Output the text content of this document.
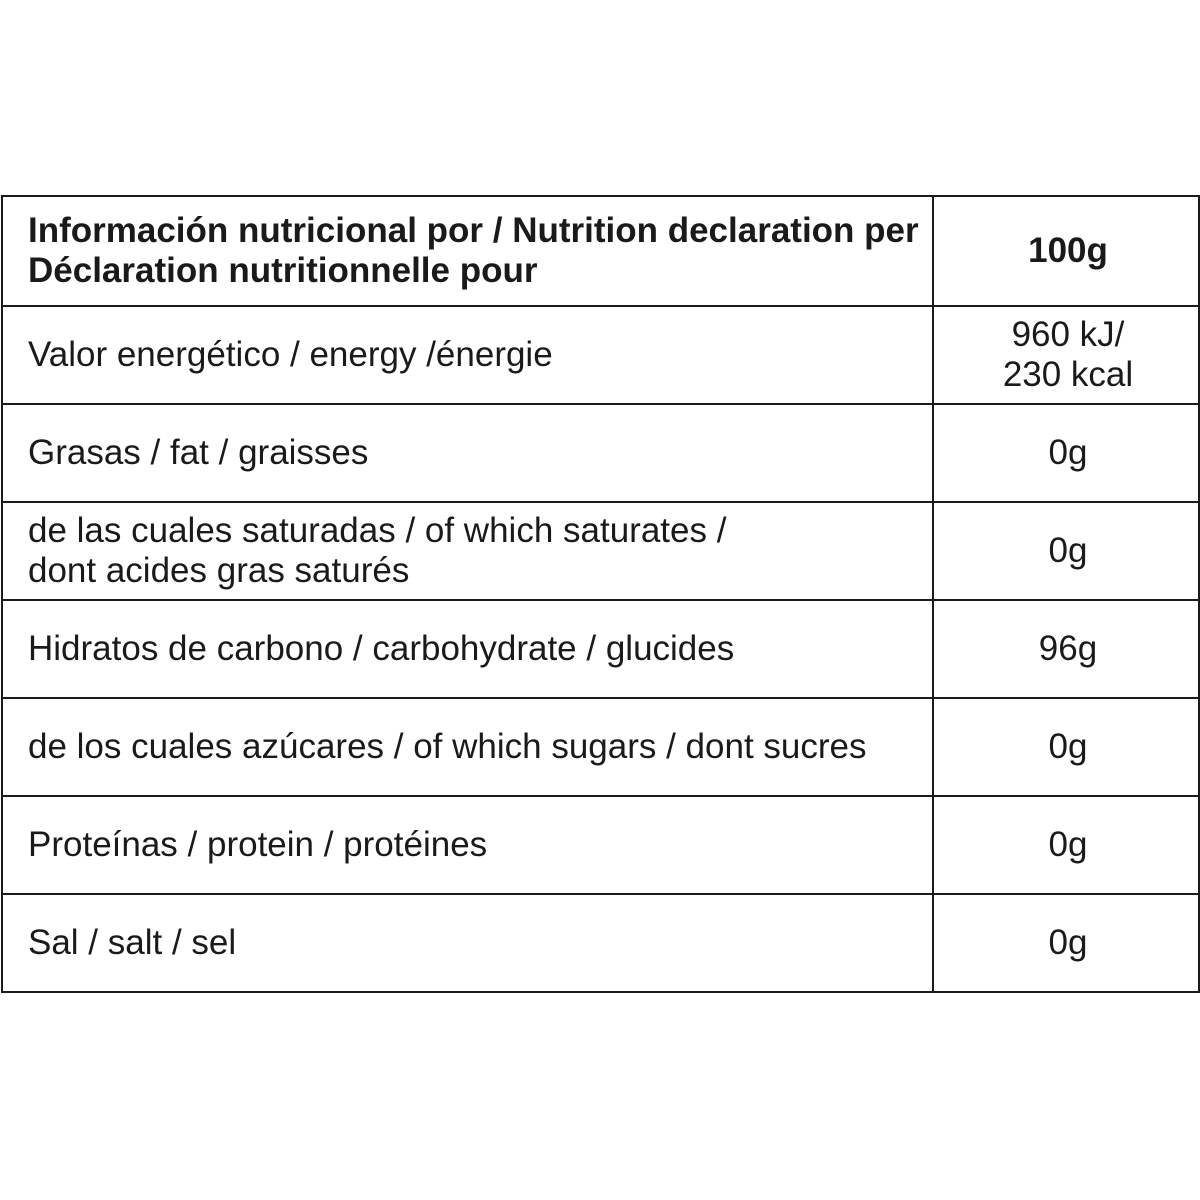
Información nutricional por / Nutrition declaration per
Déclaration nutritionnelle pour	100g

Valor energético / energy /énergie	960 kJ/
230 kcal

Grasas / fat / graisses	0g

de las cuales saturadas / of which saturates /
dont acides gras saturés	0g

Hidratos de carbono / carbohydrate / glucides	96g

de los cuales azúcares / of which sugars / dont sucres	0g

Proteínas / protein / protéines	0g

Sal / salt / sel	0g
